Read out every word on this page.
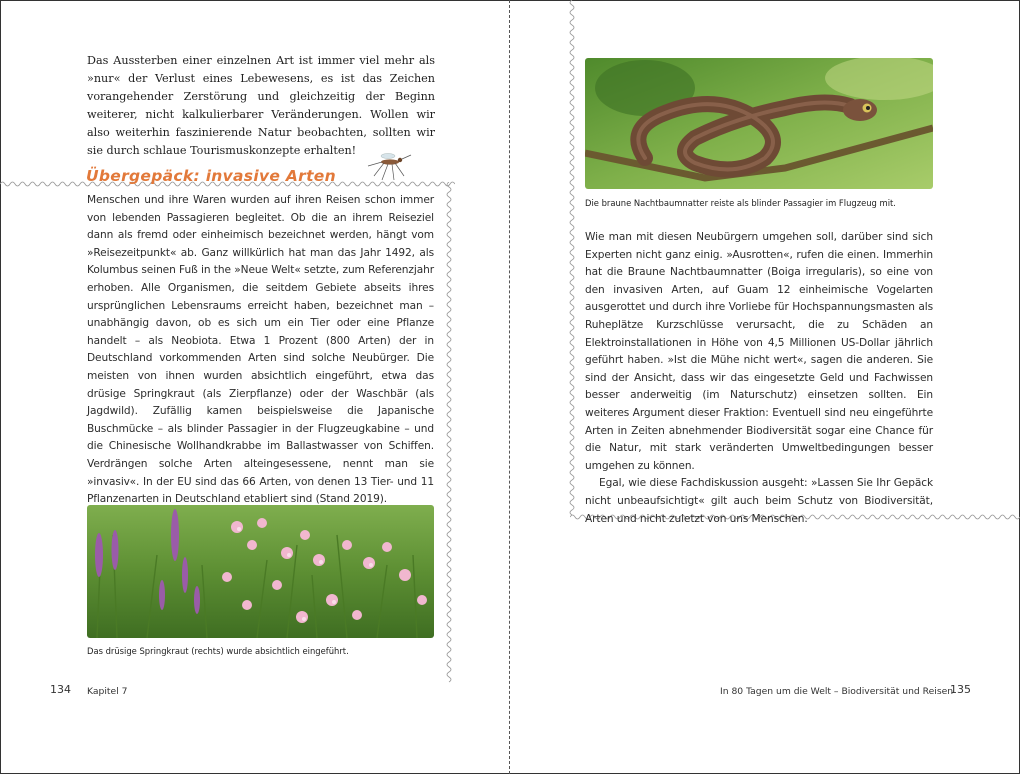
Das Aussterben einer einzelnen Art ist immer viel mehr als »nur« der Verlust eines Lebewesens, es ist das Zeichen vorangehender Zerstörung und gleichzeitig der Beginn weiterer, nicht kalkulierbarer Veränderungen. Wollen wir also weiterhin faszinierende Natur beobachten, sollten wir sie durch schlaue Tourismuskonzepte erhalten!

Übergepäck: invasive Arten

Menschen und ihre Waren wurden auf ihren Reisen schon immer von lebenden Passagieren begleitet. Ob die an ihrem Reiseziel dann als fremd oder einheimisch bezeichnet werden, hängt vom »Reisezeitpunkt« ab. Ganz willkürlich hat man das Jahr 1492, als Kolumbus seinen Fuß in the »Neue Welt« setzte, zum Referenzjahr erhoben. Alle Organismen, die seitdem Gebiete abseits ihres ursprünglichen Lebensraums erreicht haben, bezeichnet man – unabhängig davon, ob es sich um ein Tier oder eine Pflanze handelt – als Neobiota. Etwa 1 Prozent (800 Arten) der in Deutschland vorkommenden Arten sind solche Neubürger. Die meisten von ihnen wurden absichtlich eingeführt, etwa das drüsige Springkraut (als Zierpflanze) oder der Waschbär (als Jagdwild). Zufällig kamen beispielsweise die Japanische Buschmücke – als blinder Passagier in der Flugzeugkabine – und die Chinesische Wollhandkrabbe im Ballastwasser von Schiffen. Verdrängen solche Arten alteingesessene, nennt man sie »invasiv«. In der EU sind das 66 Arten, von denen 13 Tier- und 11 Pflanzenarten in Deutschland etabliert sind (Stand 2019).

Das drüsige Springkraut (rechts) wurde absichtlich eingeführt.

134 Kapitel 7

Die braune Nachtbaumnatter reiste als blinder Passagier im Flugzeug mit.

Wie man mit diesen Neubürgern umgehen soll, darüber sind sich Experten nicht ganz einig. »Ausrotten«, rufen die einen. Immerhin hat die Braune Nachtbaumnatter (Boiga irregularis), so eine von den invasiven Arten, auf Guam 12 einheimische Vogelarten ausgerottet und durch ihre Vorliebe für Hochspannungsmasten als Ruheplätze Kurzschlüsse verursacht, die zu Schäden an Elektroinstallationen in Höhe von 4,5 Millionen US-Dollar jährlich geführt haben. »Ist die Mühe nicht wert«, sagen die anderen. Sie sind der Ansicht, dass wir das eingesetzte Geld und Fachwissen besser anderweitig (im Naturschutz) einsetzen sollten. Ein weiteres Argument dieser Fraktion: Eventuell sind neu eingeführte Arten in Zeiten abnehmender Biodiversität sogar eine Chance für die Natur, mit stark veränderten Umweltbedingungen besser umgehen zu können.

Egal, wie diese Fachdiskussion ausgeht: »Lassen Sie Ihr Gepäck nicht unbeaufsichtigt« gilt auch beim Schutz von Biodiversität, Arten und nicht zuletzt von uns Menschen.

In 80 Tagen um die Welt – Biodiversität und Reisen
135
